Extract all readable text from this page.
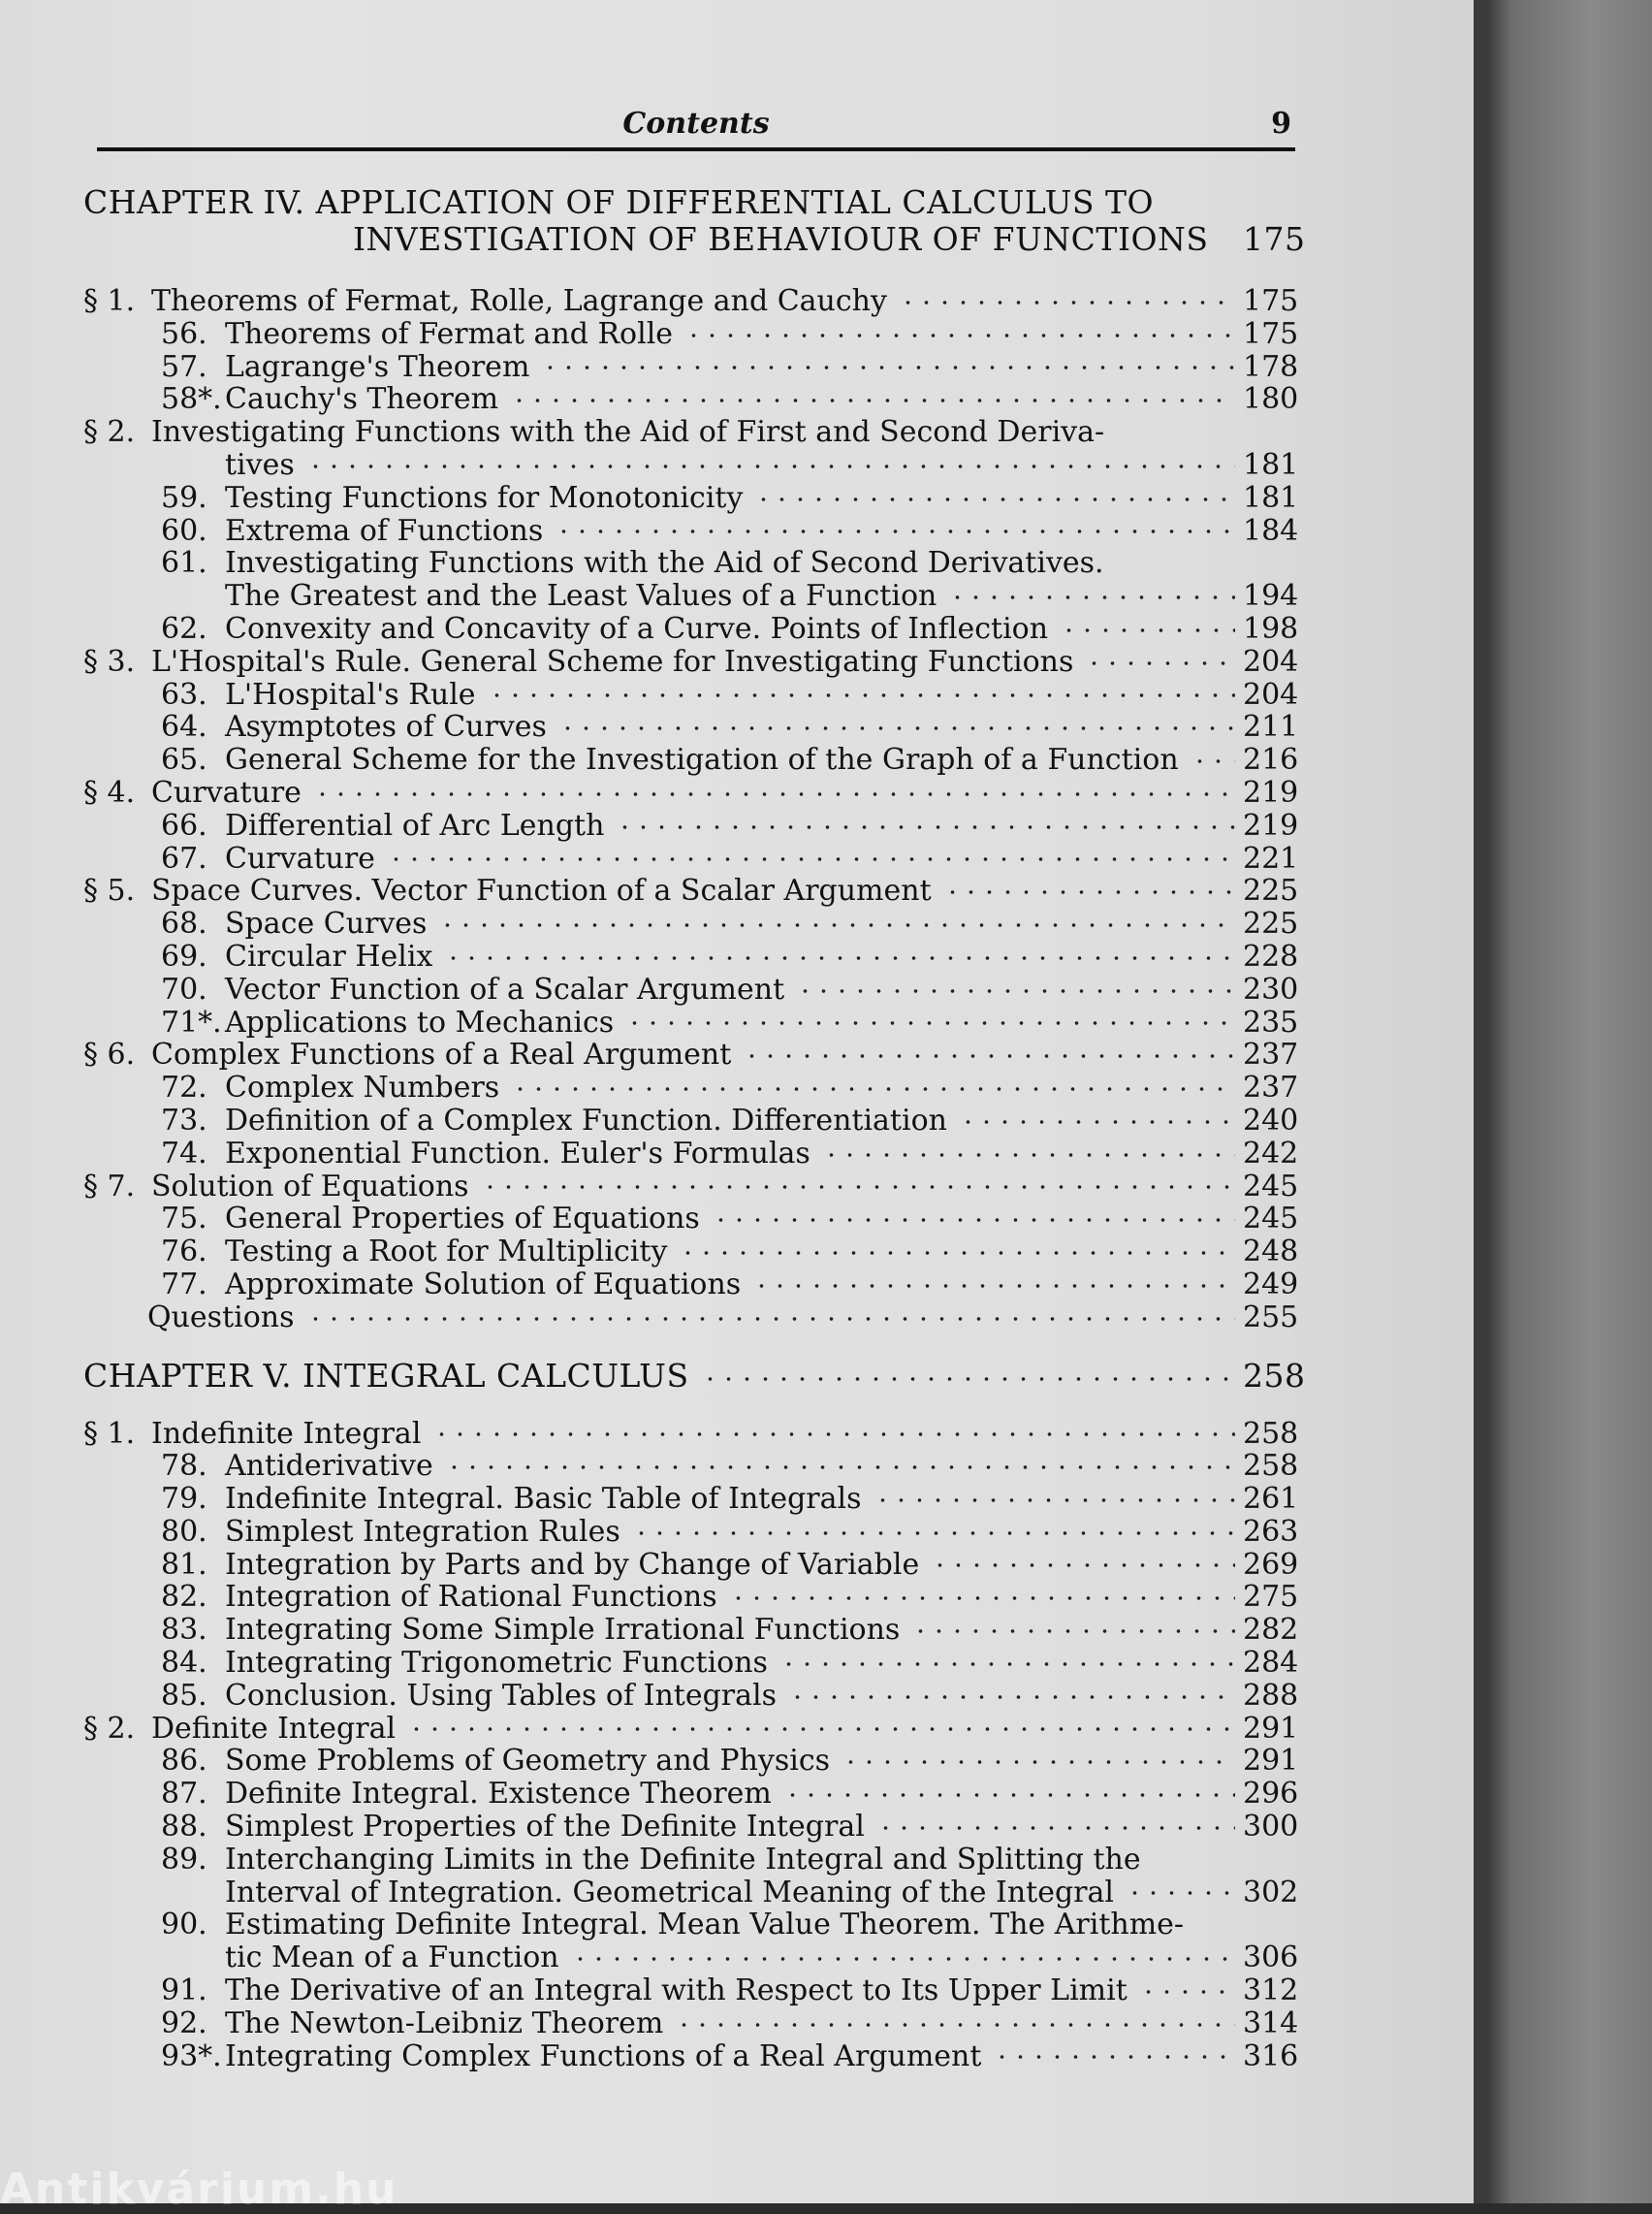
Contents	9
CHAPTER IV. APPLICATION OF DIFFERENTIAL CALCULUS TO
INVESTIGATION OF BEHAVIOUR OF FUNCTIONS 175
§ 1. Theorems of Fermat, Rolle, Lagrange and Cauchy	175
56. Theorems of Fermat and Rolle	175
57. Lagrange's Theorem	178
58*. Cauchy's Theorem	180
§ 2. Investigating Functions with the Aid of First and Second Deriva-
tives	181
59. Testing Functions for Monotonicity	181
60. Extrema of Functions	184
61. Investigating Functions with the Aid of Second Derivatives.
The Greatest and the Least Values of a Function	194
62. Convexity and Concavity of a Curve. Points of Inflection	198
§ 3. L'Hospital's Rule. General Scheme for Investigating Functions	204
63. L'Hospital's Rule	204
64. Asymptotes of Curves	211
65. General Scheme for the Investigation of the Graph of a Function 216
§ 4. Curvature	219
66. Differential of Arc Length	219
67. Curvature	221
§ 5. Space Curves. Vector Function of a Scalar Argument	225
68. Space Curves	225
69. Circular Helix	228
70. Vector Function of a Scalar Argument	230
71*. Applications to Mechanics	235
§ 6. Complex Functions of a Real Argument	237
72. Complex Numbers	237
73. Definition of a Complex Function. Differentiation	240
74. Exponential Function. Euler's Formulas	242
§ 7. Solution of Equations	245
75. General Properties of Equations	245
76. Testing a Root for Multiplicity	248
77. Approximate Solution of Equations	249
Questions	255
CHAPTER V. INTEGRAL CALCULUS	258
§ 1. Indefinite Integral	258
78. Antiderivative	258
79. Indefinite Integral. Basic Table of Integrals	261
80. Simplest Integration Rules	263
81. Integration by Parts and by Change of Variable	269
82. Integration of Rational Functions	275
83. Integrating Some Simple Irrational Functions	282
84. Integrating Trigonometric Functions	284
85. Conclusion. Using Tables of Integrals	288
§ 2. Definite Integral	291
86. Some Problems of Geometry and Physics	291
87. Definite Integral. Existence Theorem	296
88. Simplest Properties of the Definite Integral	300
89. Interchanging Limits in the Definite Integral and Splitting the
Interval of Integration. Geometrical Meaning of the Integral	302
90. Estimating Definite Integral. Mean Value Theorem. The Arithme-
tic Mean of a Function	306
91. The Derivative of an Integral with Respect to Its Upper Limit	312
92. The Newton-Leibniz Theorem	314
93*. Integrating Complex Functions of a Real Argument	316
Antikvárium.hu
